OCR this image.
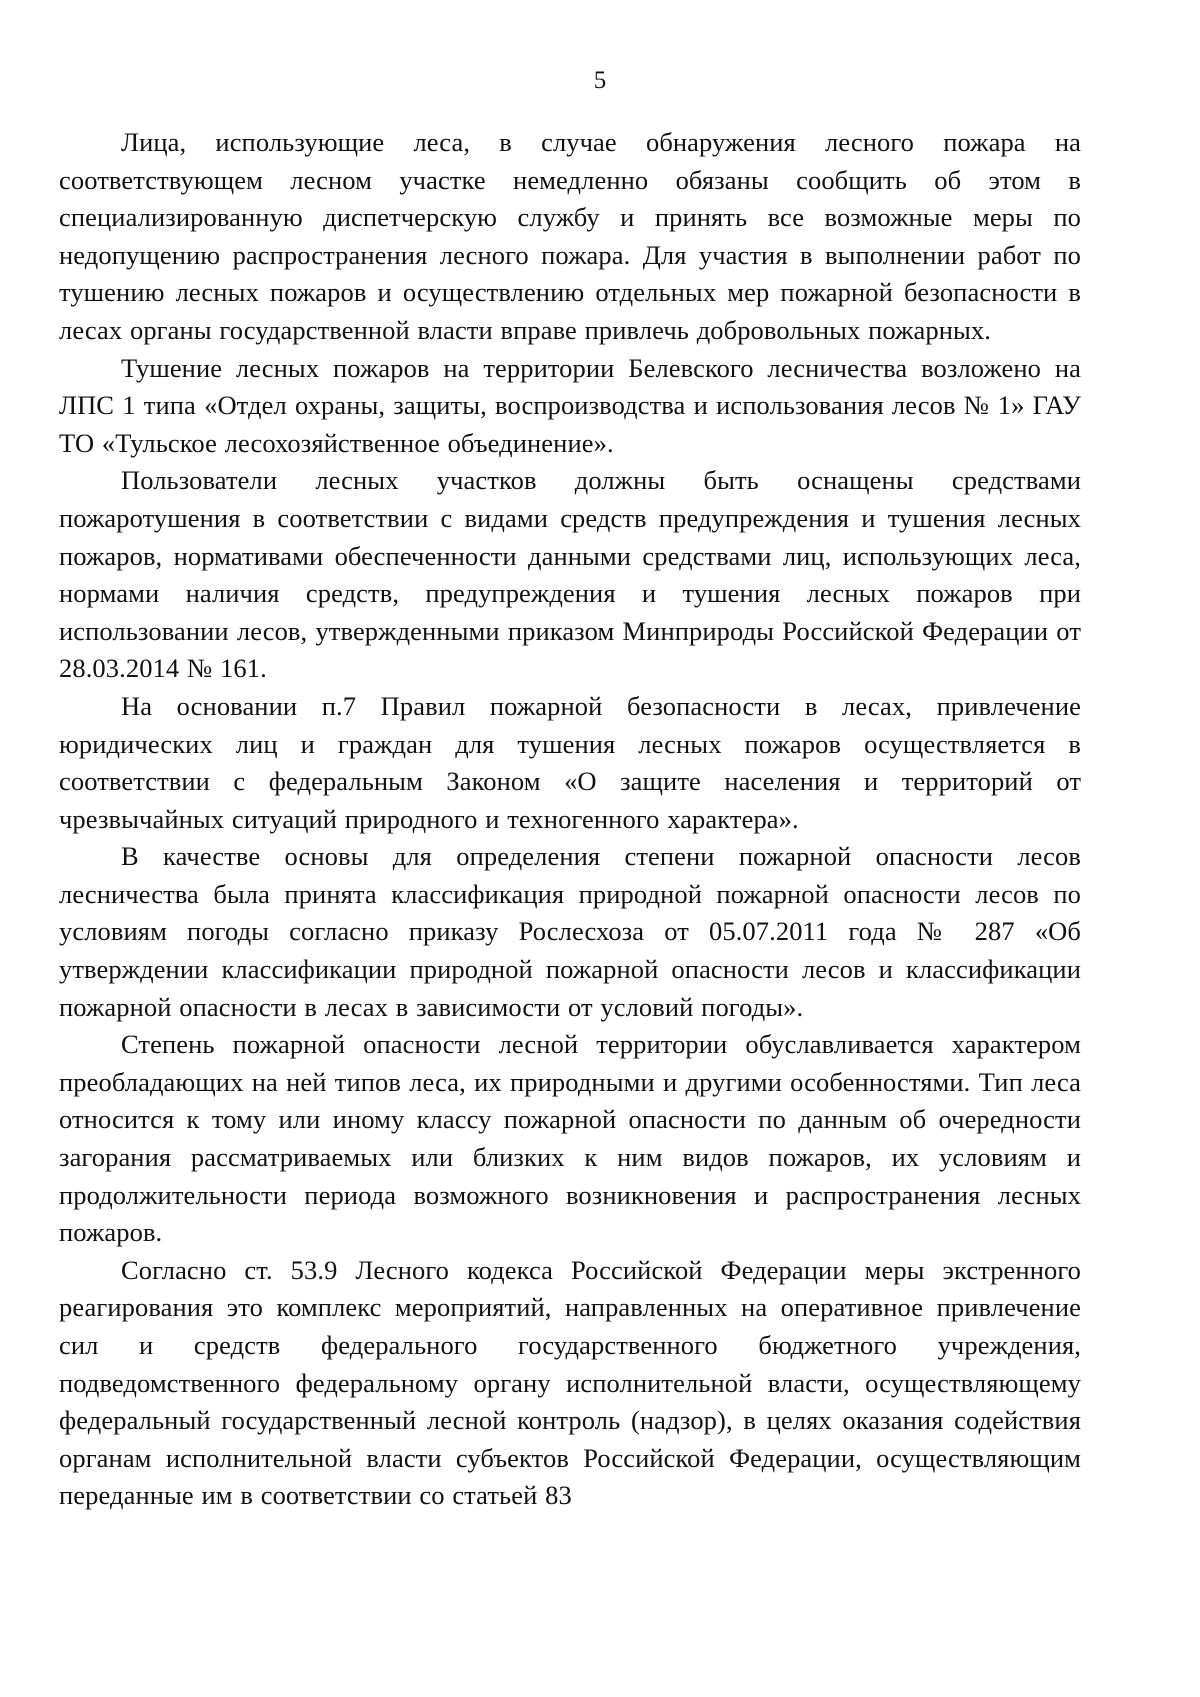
5

Лица, использующие леса, в случае обнаружения лесного пожара на соответствующем лесном участке немедленно обязаны сообщить об этом в специализированную диспетчерскую службу и принять все возможные меры по недопущению распространения лесного пожара. Для участия в выполнении работ по тушению лесных пожаров и осуществлению отдельных мер пожарной безопасности в лесах органы государственной власти вправе привлечь добровольных пожарных.

Тушение лесных пожаров на территории Белевского лесничества возложено на ЛПС 1 типа «Отдел охраны, защиты, воспроизводства и использования лесов № 1» ГАУ ТО «Тульское лесохозяйственное объединение».

Пользователи лесных участков должны быть оснащены средствами пожаротушения в соответствии с видами средств предупреждения и тушения лесных пожаров, нормативами обеспеченности данными средствами лиц, использующих леса, нормами наличия средств, предупреждения и тушения лесных пожаров при использовании лесов, утвержденными приказом Минприроды Российской Федерации от 28.03.2014 № 161.

На основании п.7 Правил пожарной безопасности в лесах, привлечение юридических лиц и граждан для тушения лесных пожаров осуществляется в соответствии с федеральным Законом «О защите населения и территорий от чрезвычайных ситуаций природного и техногенного характера».

В качестве основы для определения степени пожарной опасности лесов лесничества была принята классификация природной пожарной опасности лесов по условиям погоды согласно приказу Рослесхоза от 05.07.2011 года № 287 «Об утверждении классификации природной пожарной опасности лесов и классификации пожарной опасности в лесах в зависимости от условий погоды».

Степень пожарной опасности лесной территории обуславливается характером преобладающих на ней типов леса, их природными и другими особенностями. Тип леса относится к тому или иному классу пожарной опасности по данным об очередности загорания рассматриваемых или близких к ним видов пожаров, их условиям и продолжительности периода возможного возникновения и распространения лесных пожаров.

Согласно ст. 53.9 Лесного кодекса Российской Федерации меры экстренного реагирования это комплекс мероприятий, направленных на оперативное привлечение сил и средств федерального государственного бюджетного учреждения, подведомственного федеральному органу исполнительной власти, осуществляющему федеральный государственный лесной контроль (надзор), в целях оказания содействия органам исполнительной власти субъектов Российской Федерации, осуществляющим переданные им в соответствии со статьей 83
